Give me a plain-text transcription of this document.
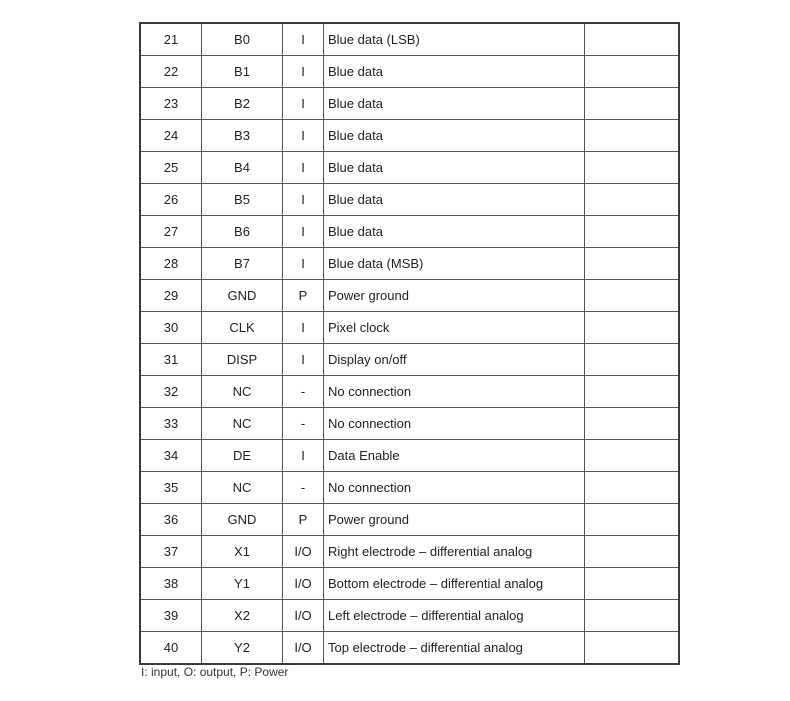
21	B0	I	Blue data (LSB)	
22	B1	I	Blue data	
23	B2	I	Blue data	
24	B3	I	Blue data	
25	B4	I	Blue data	
26	B5	I	Blue data	
27	B6	I	Blue data	
28	B7	I	Blue data (MSB)	
29	GND	P	Power ground	
30	CLK	I	Pixel clock	
31	DISP	I	Display on/off	
32	NC	-	No connection	
33	NC	-	No connection	
34	DE	I	Data Enable	
35	NC	-	No connection	
36	GND	P	Power ground	
37	X1	I/O	Right electrode – differential analog	
38	Y1	I/O	Bottom electrode – differential analog	
39	X2	I/O	Left electrode – differential analog	
40	Y2	I/O	Top electrode – differential analog	
I: input, O: output, P: Power
